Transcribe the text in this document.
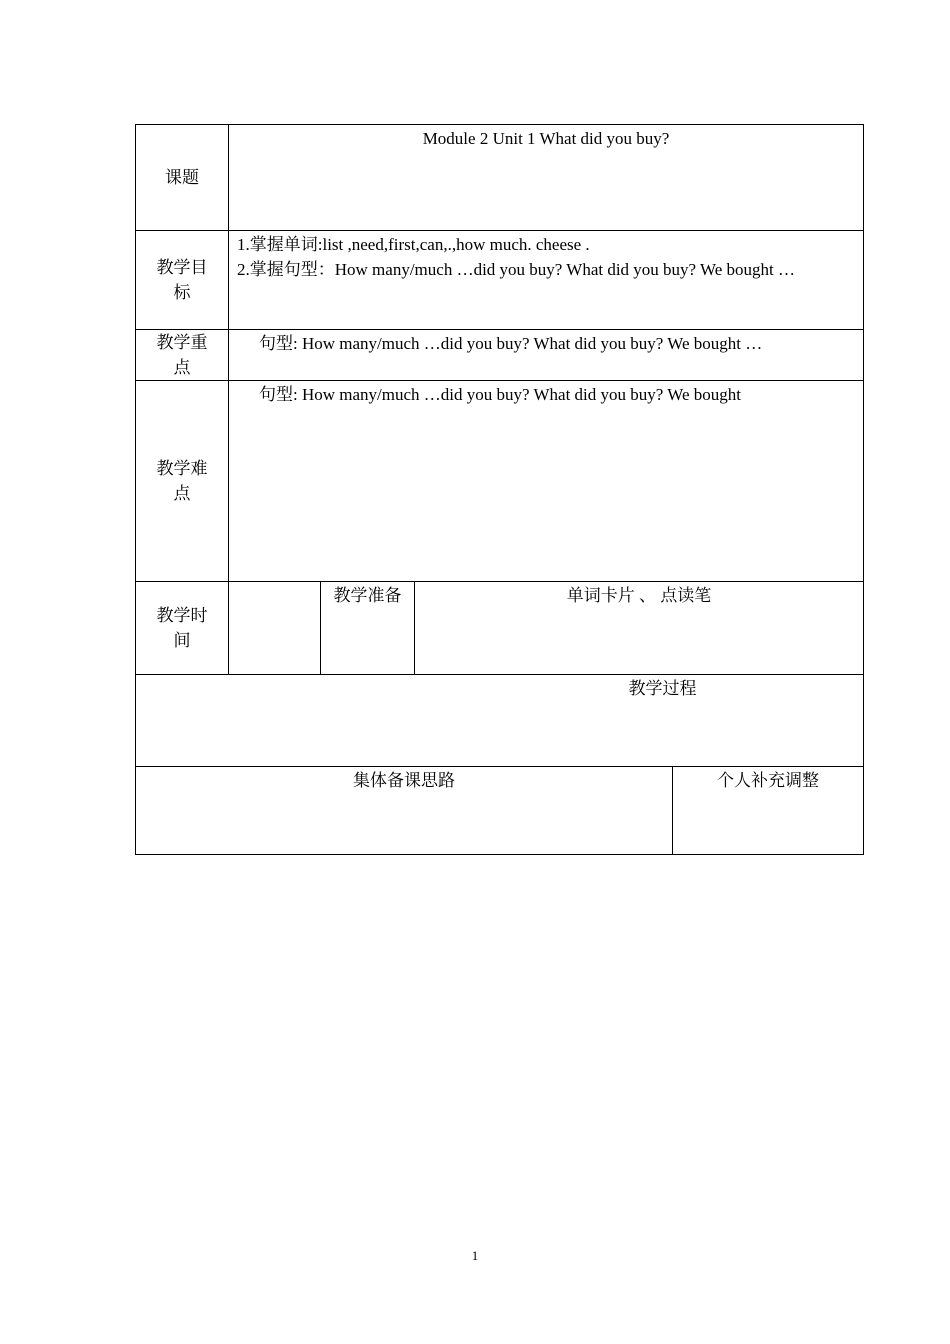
课题	Module 2 Unit 1 What did you buy?			
教学目标	1.掌握单词:list ,need,first,can,.,how much. cheese .
2.掌握句型：How many/much …did you buy? What did you buy? We bought …			

教学重点	句型: How many/much …did you buy? What did you buy? We bought …			
教学难点	句型: How many/much …did you buy? What did you buy? We bought			
教学时间		教学准备	单词卡片 、 点读笔	
教学过程				
集体备课思路				个人补充调整
1
